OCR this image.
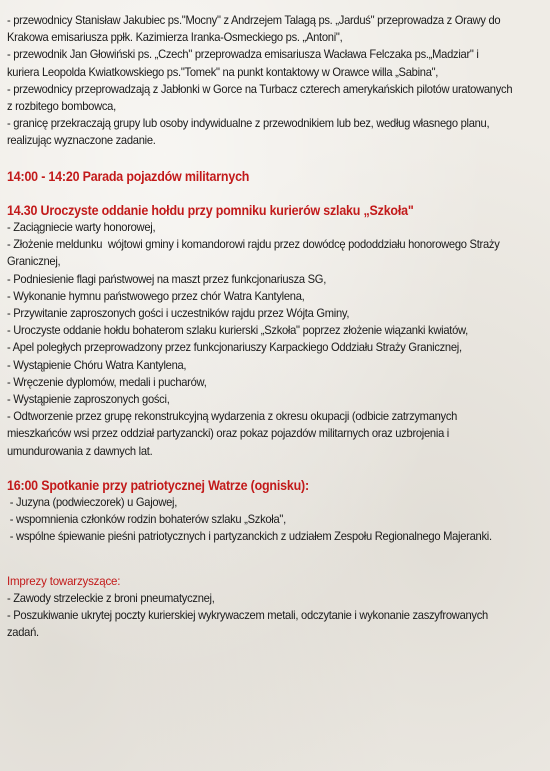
- przewodnicy Stanisław Jakubiec ps."Mocny" z Andrzejem Talagą ps. „Jarduś" przeprowadza z Orawy do
Krakowa emisariusza ppłk. Kazimierza Iranka-Osmeckiego ps. „Antoni",
- przewodnik Jan Głowiński ps. „Czech" przeprowadza emisariusza Wacława Felczaka ps.„Madziar" i
kuriera Leopolda Kwiatkowskiego ps."Tomek" na punkt kontaktowy w Orawce willa „Sabina",
- przewodnicy przeprowadzają z Jabłonki w Gorce na Turbacz czterech amerykańskich pilotów uratowanych
z rozbitego bombowca,
- granicę przekraczają grupy lub osoby indywidualne z przewodnikiem lub bez, według własnego planu,
realizując wyznaczone zadanie.
14:00 - 14:20 Parada pojazdów militarnych
14.30 Uroczyste oddanie hołdu przy pomniku kurierów szlaku „Szkoła"
- Zaciągniecie warty honorowej,
- Złożenie meldunku  wójtowi gminy i komandorowi rajdu przez dowódcę pododdziału honorowego Straży
Granicznej,
- Podniesienie flagi państwowej na maszt przez funkcjonariusza SG,
- Wykonanie hymnu państwowego przez chór Watra Kantylena,
- Przywitanie zaproszonych gości i uczestników rajdu przez Wójta Gminy,
- Uroczyste oddanie hołdu bohaterom szlaku kurierski „Szkoła" poprzez złożenie wiązanki kwiatów,
- Apel poległych przeprowadzony przez funkcjonariuszy Karpackiego Oddziału Straży Granicznej,
- Wystąpienie Chóru Watra Kantylena,
- Wręczenie dyplomów, medali i pucharów,
- Wystąpienie zaproszonych gości,
- Odtworzenie przez grupę rekonstrukcyjną wydarzenia z okresu okupacji (odbicie zatrzymanych
mieszkańców wsi przez oddział partyzancki) oraz pokaz pojazdów militarnych oraz uzbrojenia i
umundurowania z dawnych lat.
16:00 Spotkanie przy patriotycznej Watrze (ognisku):
- Juzyna (podwieczorek) u Gajowej,
- wspomnienia członków rodzin bohaterów szlaku „Szkoła",
- wspólne śpiewanie pieśni patriotycznych i partyzanckich z udziałem Zespołu Regionalnego Majeranki.
Imprezy towarzyszące:
- Zawody strzeleckie z broni pneumatycznej,
- Poszukiwanie ukrytej poczty kurierskiej wykrywaczem metali, odczytanie i wykonanie zaszyfrowanych
zadań.
